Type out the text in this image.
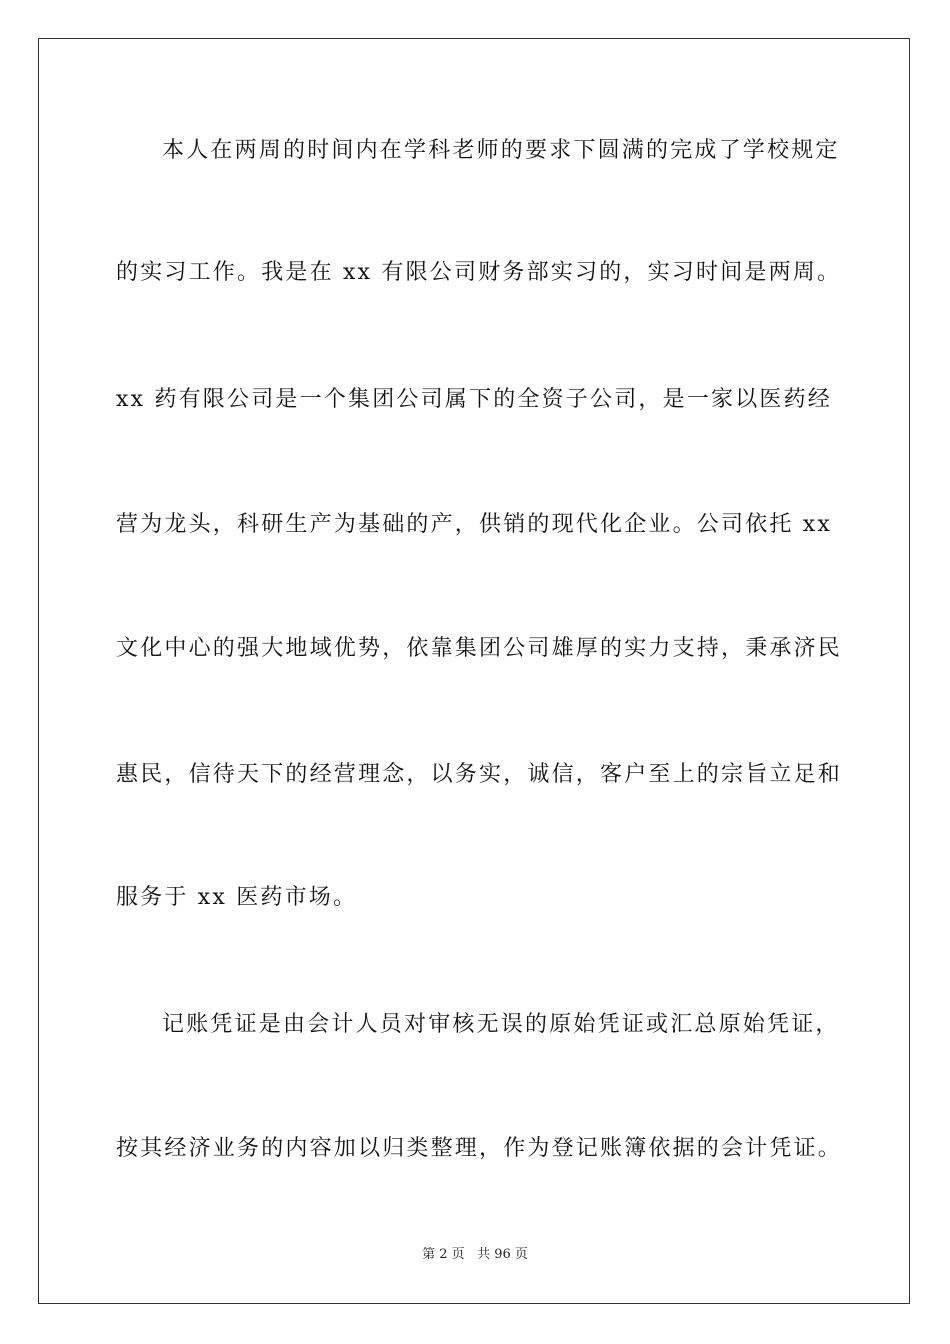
本人在两周的时间内在学科老师的要求下圆满的完成了学校规定
的实习工作。我是在 xx 有限公司财务部实习的，实习时间是两周。
xx 药有限公司是一个集团公司属下的全资子公司，是一家以医药经
营为龙头，科研生产为基础的产，供销的现代化企业。公司依托 xx
文化中心的强大地域优势，依靠集团公司雄厚的实力支持，秉承济民
惠民，信待天下的经营理念，以务实，诚信，客户至上的宗旨立足和
服务于 xx 医药市场。
记账凭证是由会计人员对审核无误的原始凭证或汇总原始凭证，
按其经济业务的内容加以归类整理，作为登记账簿依据的会计凭证。
第 2 页 共 96 页
